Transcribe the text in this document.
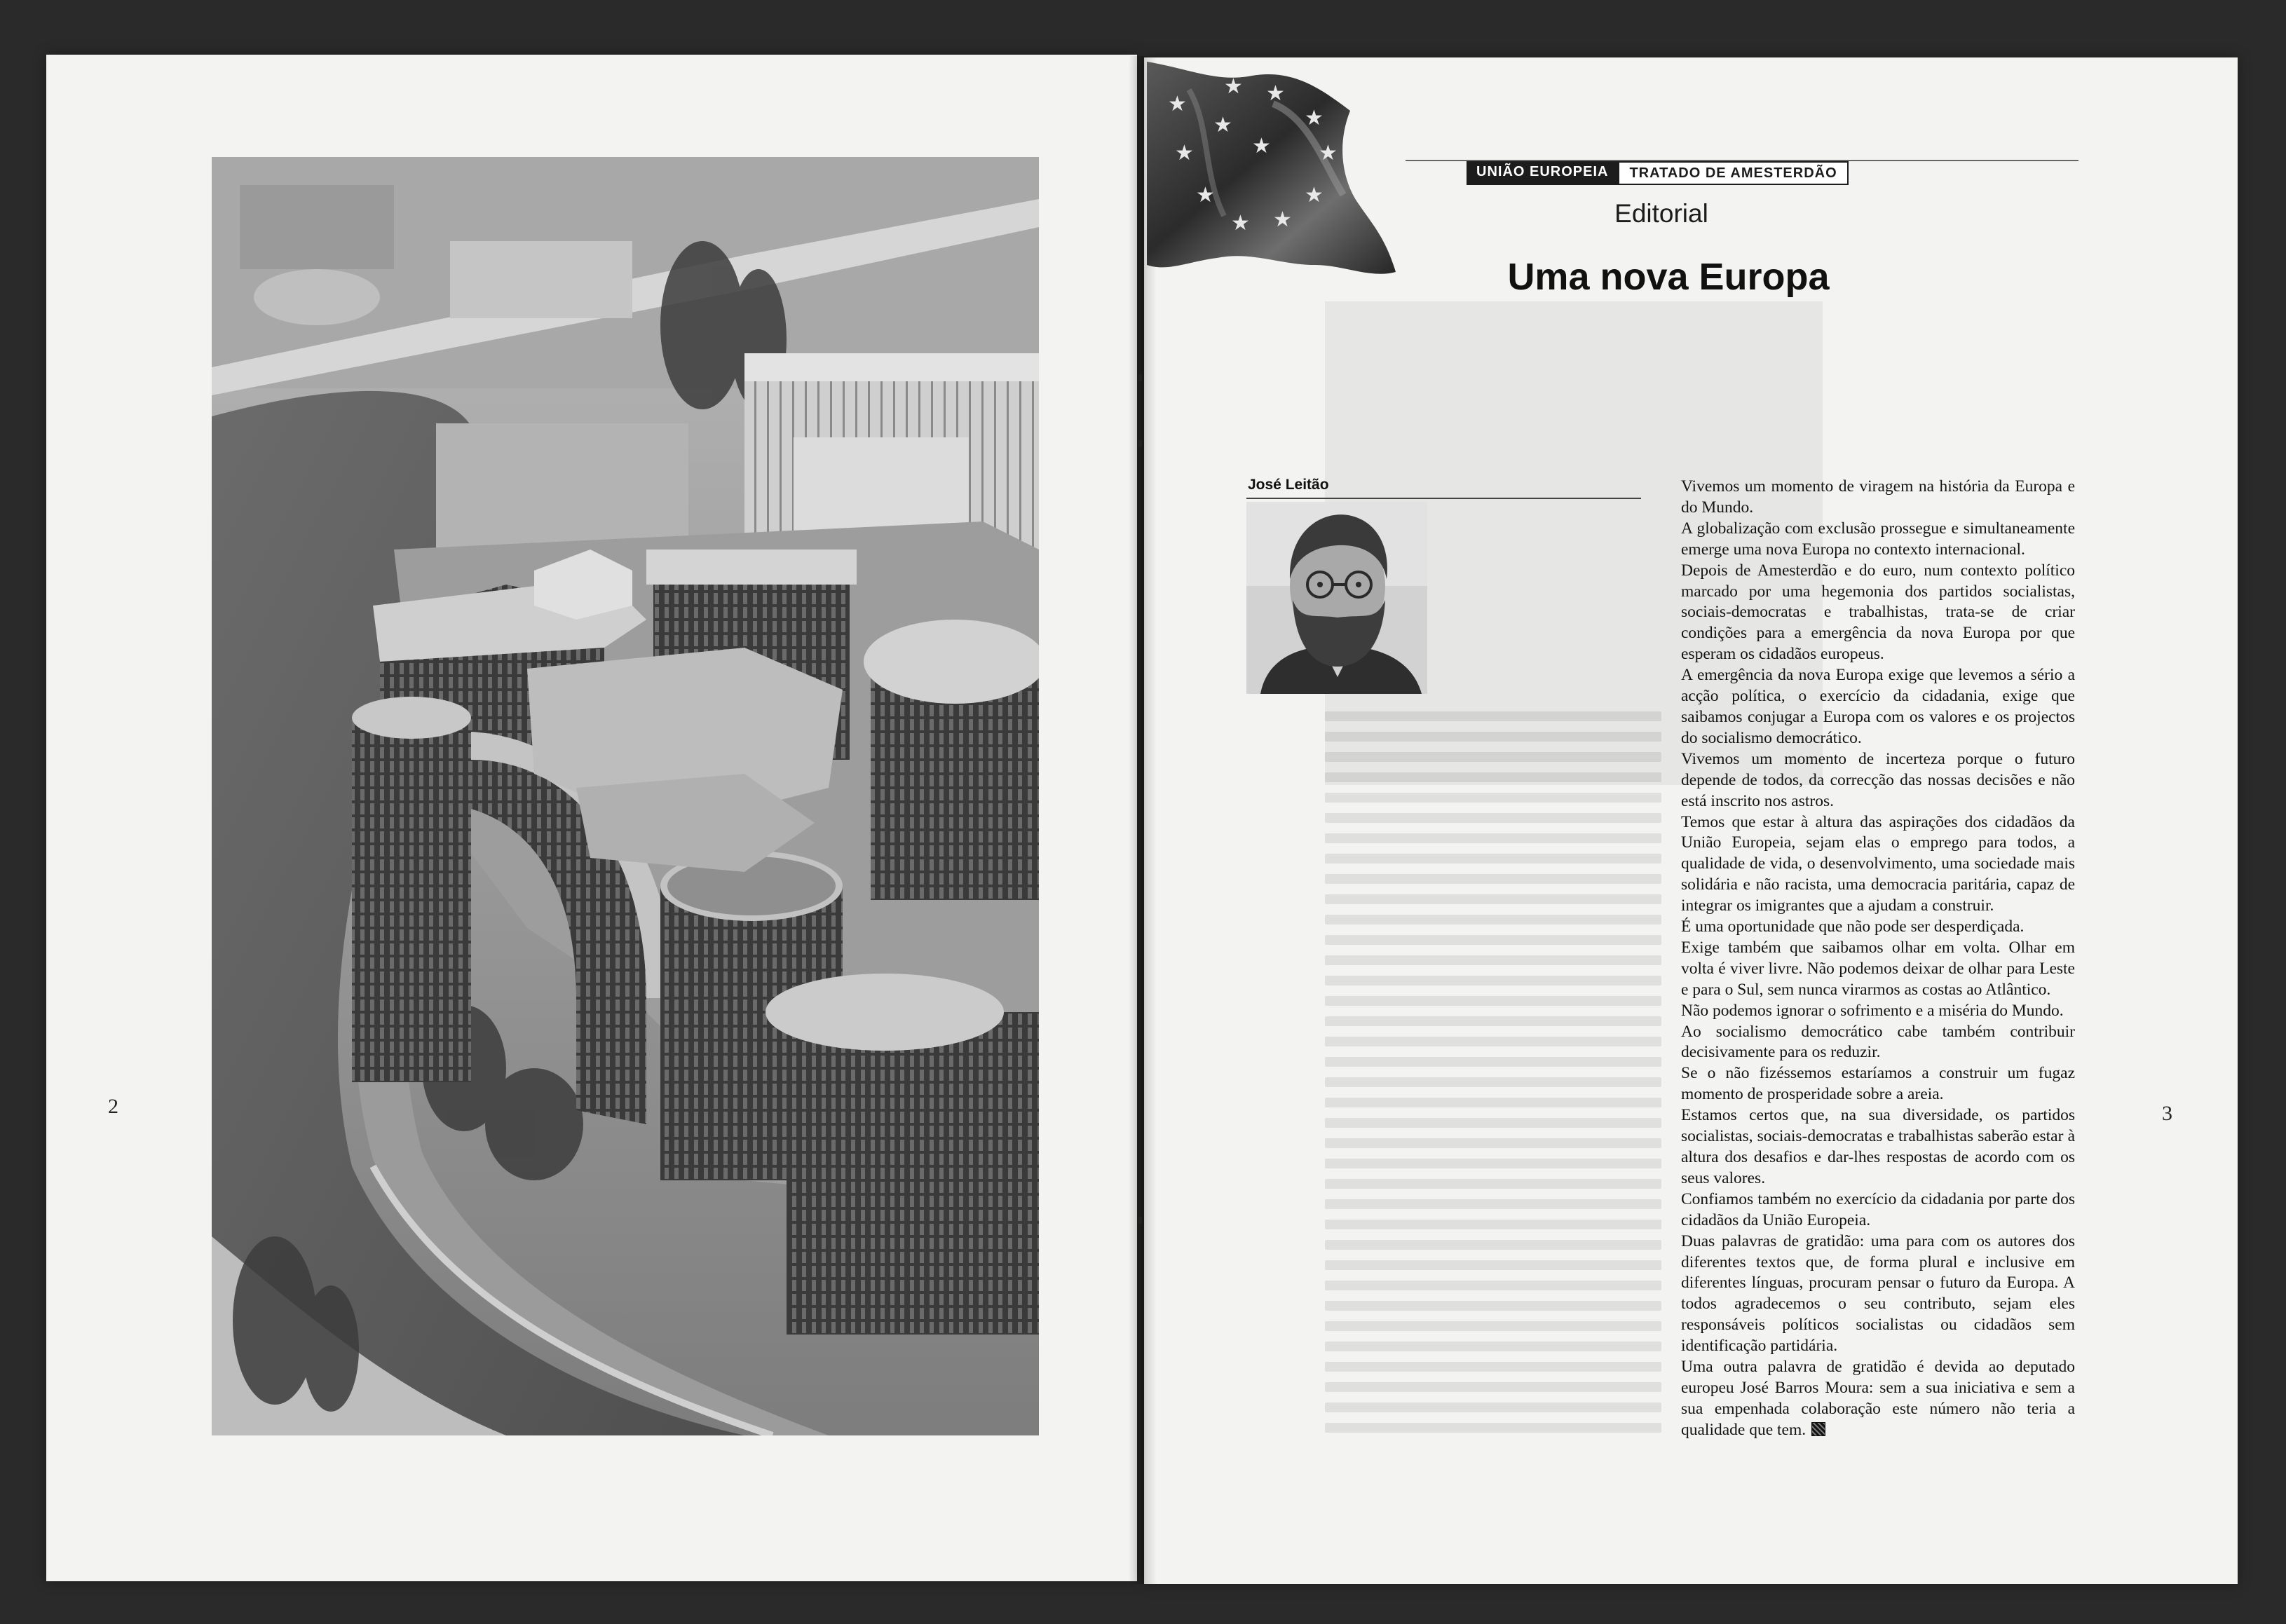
2	3
★
★
★
★ ★
★
★
★
★
★
★
★
UNIÃO EUROPEIA	TRATADO DE AMESTERDÃO
Editorial
Uma nova Europa
José Leitão	Vivemos um momento de viragem na história da Europa e do Mundo.

A globalização com exclusão prossegue e simultaneamente emerge uma nova Europa no contexto internacional.

Depois de Amesterdão e do euro, num contexto político marcado por uma hegemonia dos partidos socialistas, sociais-democratas e trabalhistas, trata-se de criar condições para a emergência da nova Europa por que esperam os cidadãos europeus.

A emergência da nova Europa exige que levemos a sério a acção política, o exercício da cidadania, exige que saibamos conjugar a Europa com os valores e os projectos do socialismo democrático.

Vivemos um momento de incerteza porque o futuro depende de todos, da correcção das nossas decisões e não está inscrito nos astros.

Temos que estar à altura das aspirações dos cidadãos da União Europeia, sejam elas o emprego para todos, a qualidade de vida, o desenvolvimento, uma sociedade mais solidária e não racista, uma democracia paritária, capaz de integrar os imigrantes que a ajudam a construir.

É uma oportunidade que não pode ser desperdiçada.

Exige também que saibamos olhar em volta. Olhar em volta é viver livre. Não podemos deixar de olhar para Leste e para o Sul, sem nunca virarmos as costas ao Atlântico.

Não podemos ignorar o sofrimento e a miséria do Mundo.

Ao socialismo democrático cabe também contribuir decisivamente para os reduzir.

Se o não fizéssemos estaríamos a construir um fugaz momento de prosperidade sobre a areia.

Estamos certos que, na sua diversidade, os partidos socialistas, sociais-democratas e trabalhistas saberão estar à altura dos desafios e dar-lhes respostas de acordo com os seus valores.

Confiamos também no exercício da cidadania por parte dos cidadãos da União Europeia.

Duas palavras de gratidão: uma para com os autores dos diferentes textos que, de forma plural e inclusive em diferentes línguas, procuram pensar o futuro da Europa. A todos agradecemos o seu contributo, sejam eles responsáveis políticos socialistas ou cidadãos sem identificação partidária.

Uma outra palavra de gratidão é devida ao deputado europeu José Barros Moura: sem a sua iniciativa e sem a sua empenhada colaboração este número não teria a qualidade que tem.
